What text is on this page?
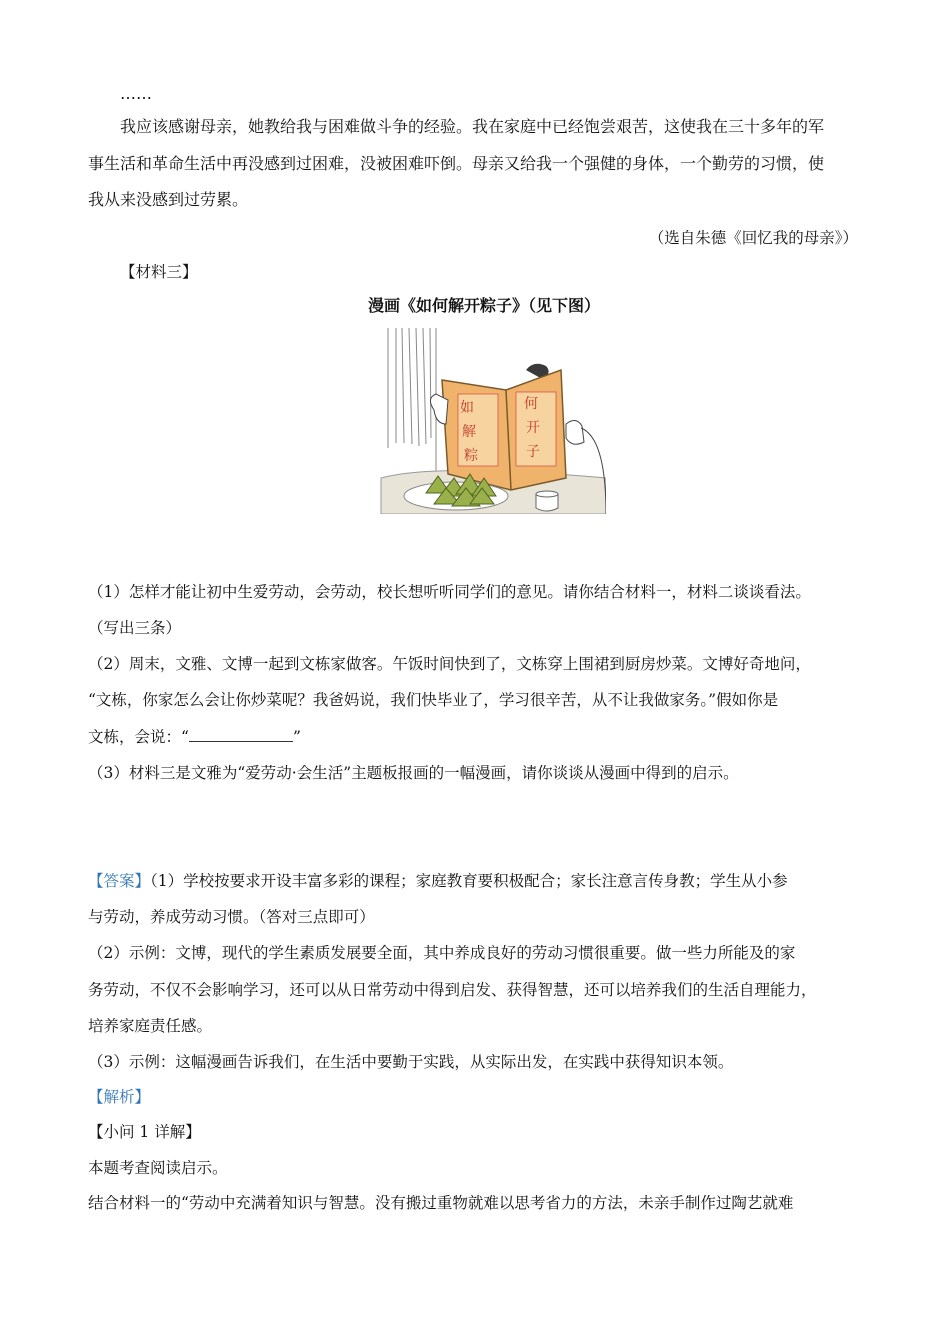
……
我应该感谢母亲，她教给我与困难做斗争的经验。我在家庭中已经饱尝艰苦，这使我在三十多年的军
事生活和革命生活中再没感到过困难，没被困难吓倒。母亲又给我一个强健的身体，一个勤劳的习惯，使
我从来没感到过劳累。
（选自朱德《回忆我的母亲》）
【材料三】
漫画《如何解开粽子》（见下图）
如	何
解	开
粽	子
（1）怎样才能让初中生爱劳动，会劳动，校长想听听同学们的意见。请你结合材料一，材料二谈谈看法。
（写出三条）
（2）周末，文雅、文博一起到文栋家做客。午饭时间快到了，文栋穿上围裙到厨房炒菜。文博好奇地问，
“文栋，你家怎么会让你炒菜呢？我爸妈说，我们快毕业了，学习很辛苦，从不让我做家务。”假如你是
文栋，会说：“	”
（3）材料三是文雅为“爱劳动·会生活”主题板报画的一幅漫画，请你谈谈从漫画中得到的启示。
【答案】（1）学校按要求开设丰富多彩的课程；家庭教育要积极配合；家长注意言传身教；学生从小参
与劳动，养成劳动习惯。（答对三点即可）
（2）示例：文博，现代的学生素质发展要全面，其中养成良好的劳动习惯很重要。做一些力所能及的家
务劳动，不仅不会影响学习，还可以从日常劳动中得到启发、获得智慧，还可以培养我们的生活自理能力，
培养家庭责任感。
（3）示例：这幅漫画告诉我们，在生活中要勤于实践，从实际出发，在实践中获得知识本领。
【解析】
【小问 1 详解】
本题考查阅读启示。
结合材料一的“劳动中充满着知识与智慧。没有搬过重物就难以思考省力的方法，未亲手制作过陶艺就难
